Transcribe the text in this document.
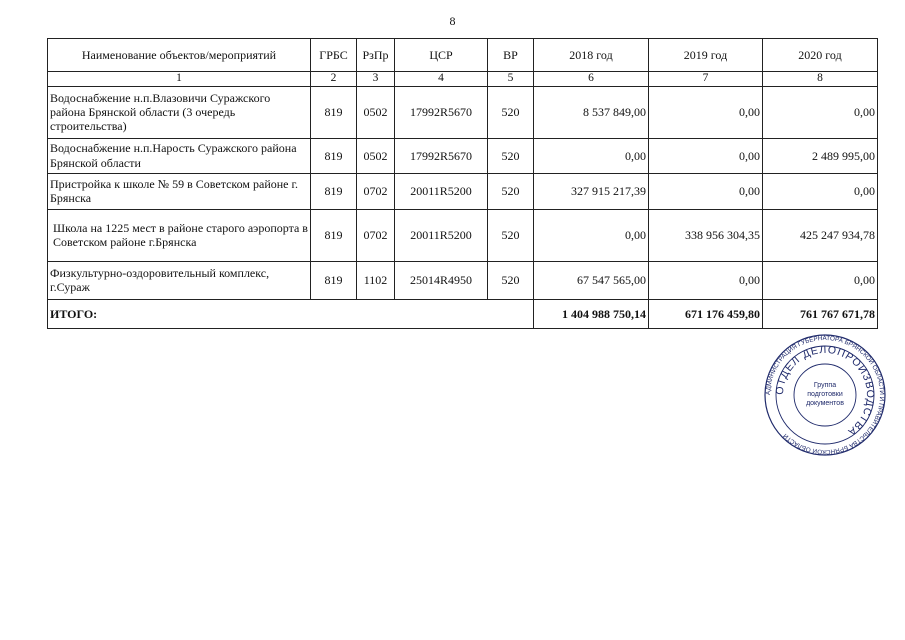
8
Наименование объектов/мероприятий	ГРБС	РзПр	ЦСР	ВР	2018 год	2019 год	2020 год
1	2	3	4	5	6	7	8
Водоснабжение н.п.Влазовичи Суражского района Брянской области (3 очередь строительства)	819	0502	17992R5670	520	8 537 849,00	0,00	0,00
Водоснабжение н.п.Нарость Суражского района Брянской области	819	0502	17992R5670	520	0,00	0,00	2 489 995,00
Пристройка к школе № 59 в Советском районе г. Брянска	819	0702	20011R5200	520	327 915 217,39	0,00	0,00
Школа на 1225 мест в районе старого аэропорта в Советском районе г.Брянска	819	0702	20011R5200	520	0,00	338 956 304,35	425 247 934,78
Физкультурно-оздоровительный комплекс, г.Сураж	819	1102	25014R4950	520	67 547 565,00	0,00	0,00
ИТОГО:					1 404 988 750,14	671 176 459,80	761 767 671,78
АДМИНИСТРАЦИЯ ГУБЕРНАТОРА БРЯНСКОЙ ОБЛАСТИ И ПРАВИТЕЛЬСТВА БРЯНСКОЙ ОБЛАСТИ
ОТДЕЛ ДЕЛОПРОИЗВОДСТВА
Группа
подготовки
документов
